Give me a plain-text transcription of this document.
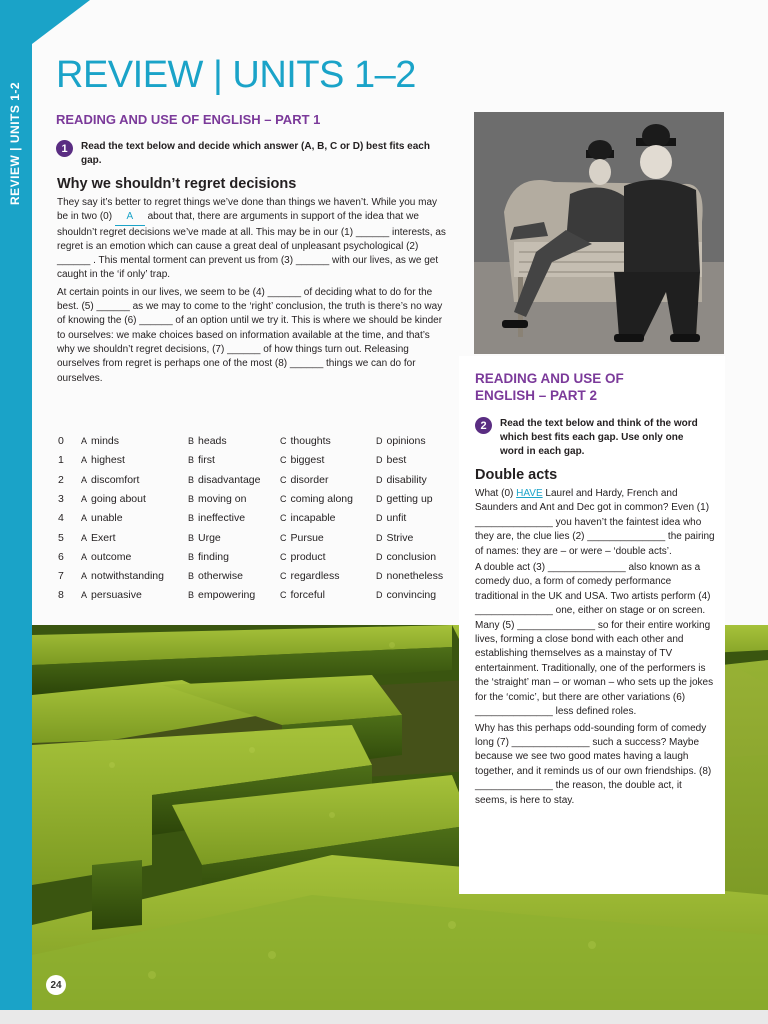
REVIEW | UNITS 1-2
REVIEW | UNITS 1–2
READING AND USE OF ENGLISH – PART 1
1	Read the text below and decide which answer (A, B, C or D) best fits each gap.
Why we shouldn’t regret decisions

They say it’s better to regret things we’ve done than things we haven’t. While you may be in two (0) A about that, there are arguments in support of the idea that we shouldn’t regret decisions we’ve made at all. This may be in our (1) ______ interests, as regret is an emotion which can cause a great deal of unpleasant psychological (2) ______ . This mental torment can prevent us from (3) ______ with our lives, as we get caught in the ‘if only’ trap.

At certain points in our lives, we seem to be (4) ______ of deciding what to do for the best. (5) ______ as we may to come to the ‘right’ conclusion, the truth is there’s no way of knowing the (6) ______ of an option until we try it. This is where we should be kinder to ourselves: we make choices based on information available at the time, and that’s why we shouldn’t regret decisions, (7) ______ of how things turn out. Releasing ourselves from regret is perhaps one of the most (8) ______ things we can do for ourselves.

0 A minds	B heads	C thoughts	D opinions
1 A highest	B first	C biggest	D best
2 A discomfort	B disadvantage C disorder	D disability
3 A going about	B moving on	C coming along	D getting up
4 A unable	B ineffective	C incapable	D unfit
5 A Exert	B Urge	C Pursue	D Strive
6 A outcome	B finding	C product	D conclusion
7 A notwithstanding	B otherwise	C regardless	D nonetheless
8 A persuasive	B empowering	C forceful	D convincing
READING AND USE OF ENGLISH – PART 2
2	Read the text below and think of the word which best fits each gap. Use only one word in each gap.
Double acts

What (0) HAVE Laurel and Hardy, French and Saunders and Ant and Dec got in common? Even (1) ______________ you haven’t the faintest idea who they are, the clue lies (2) ______________ the pairing of names: they are – or were – ‘double acts’.

A double act (3) ______________ also known as a comedy duo, a form of comedy performance traditional in the UK and USA. Two artists perform (4) ______________ one, either on stage or on screen. Many (5) ______________ so for their entire working lives, forming a close bond with each other and establishing themselves as a mainstay of TV entertainment. Traditionally, one of the performers is the ‘straight’ man – or woman – who sets up the jokes for the ‘comic’, but there are other variations (6) ______________ less defined roles.

Why has this perhaps odd-sounding form of comedy long (7) ______________ such a success? Maybe because we see two good mates having a laugh together, and it reminds us of our own friendships. (8) ______________ the reason, the double act, it seems, is here to stay.

24
